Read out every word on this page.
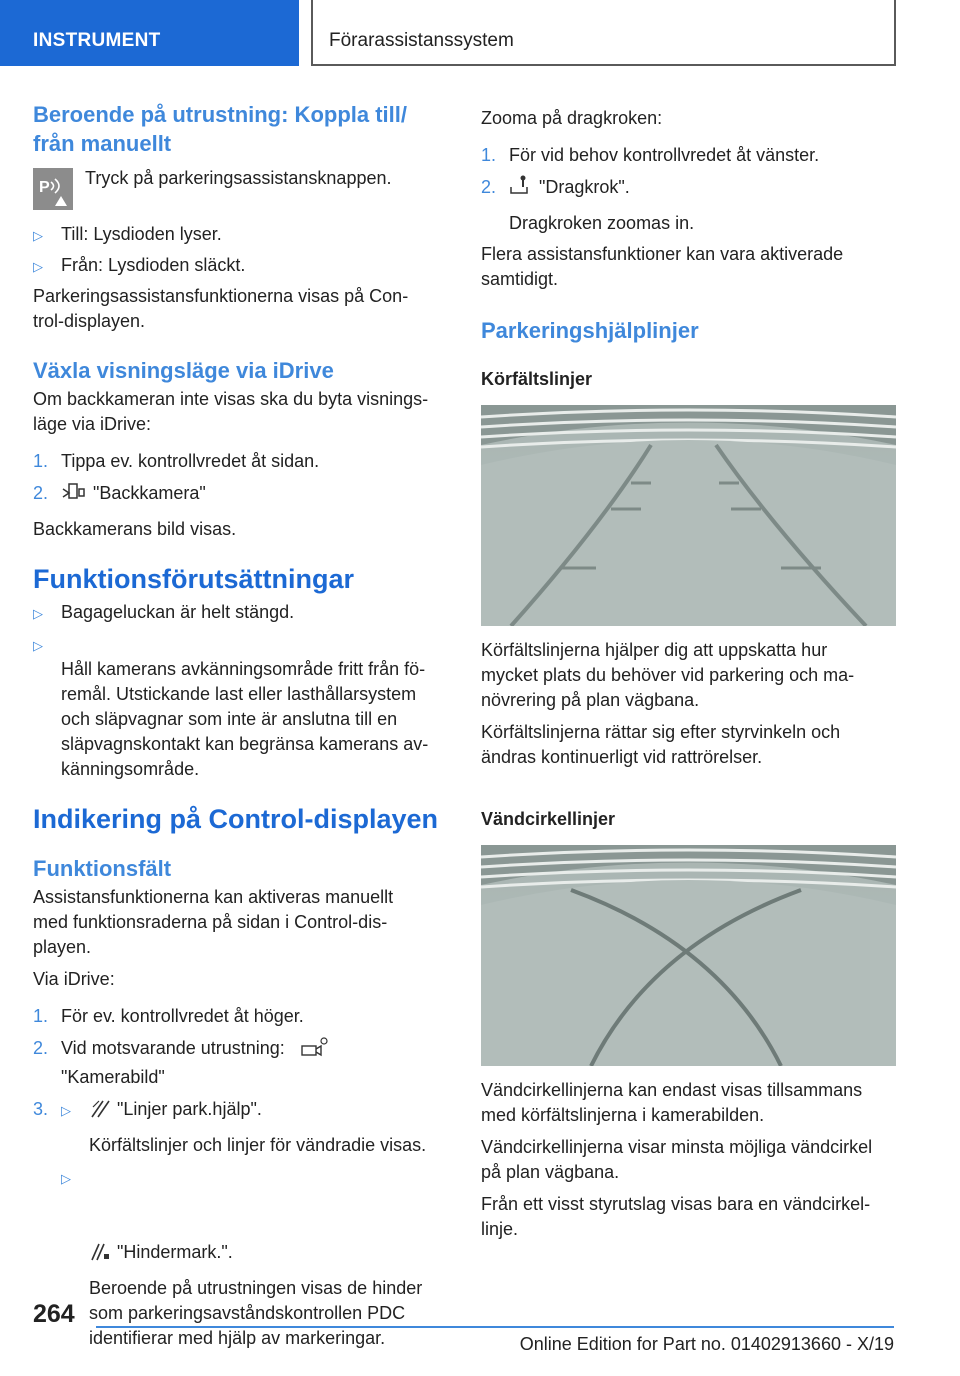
INSTRUMENT	Förarassistanssystem
Beroende på utrustning: Koppla till/
från manuellt
P Tryck på parkeringsassistansknappen.
▷ Till: Lysdioden lyser.
▷ Från: Lysdioden släckt.
Parkeringsassistansfunktionerna visas på Con-
trol-displayen.
Växla visningsläge via iDrive
Om backkameran inte visas ska du byta visnings-
läge via iDrive:
1. Tippa ev. kontrollvredet åt sidan.
2. "Backkamera"
Backkamerans bild visas.
Funktionsförutsättningar
▷ Bagageluckan är helt stängd.

▷
Håll kamerans avkänningsområde fritt från fö-
remål. Utstickande last eller lasthållarsystem
och släpvagnar som inte är anslutna till en
släpvagnskontakt kan begränsa kamerans av-
känningsområde.

Indikering på Control-displayen
Funktionsfält
Assistansfunktionerna kan aktiveras manuellt
med funktionsraderna på sidan i Control-dis-
playen.
Via iDrive:
1. För ev. kontrollvredet åt höger.
2. Vid motsvarande utrustning:
"Kamerabild"
3. ▷	"Linjer park.hjälp".
Körfältslinjer och linjer för vändradie visas.

▷

"Hindermark.".

Beroende på utrustningen visas de hinder
som parkeringsavståndskontrollen PDC
identifierar med hjälp av markeringar.

Zooma på dragkroken:
1. För vid behov kontrollvredet åt vänster.
2. "Dragkrok".
Dragkroken zoomas in.
Flera assistansfunktioner kan vara aktiverade
samtidigt.
Parkeringshjälplinjer
Körfältslinjer
Körfältslinjerna hjälper dig att uppskatta hur
mycket plats du behöver vid parkering och ma-
növrering på plan vägbana.
Körfältslinjerna rättar sig efter styrvinkeln och
ändras kontinuerligt vid rattrörelser.
Vändcirkellinjer
Vändcirkellinjerna kan endast visas tillsammans
med körfältslinjerna i kamerabilden.
Vändcirkellinjerna visar minsta möjliga vändcirkel
på plan vägbana.
Från ett visst styrutslag visas bara en vändcirkel-
linje.
264
Online Edition for Part no. 01402913660 - X/19
